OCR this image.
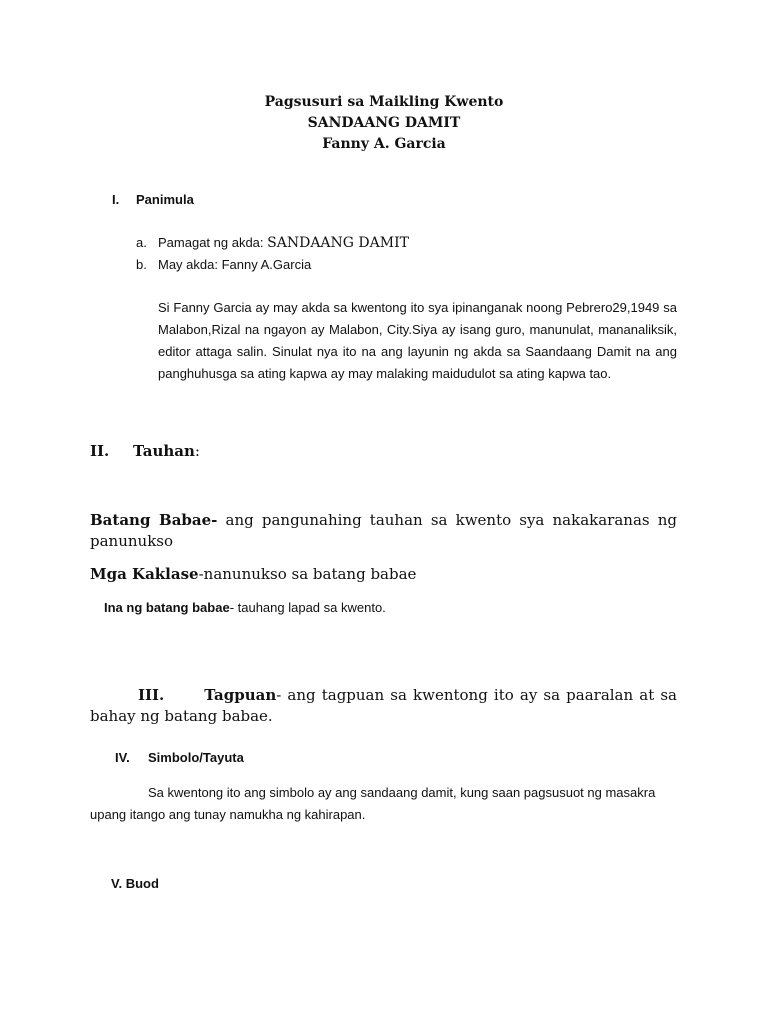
Pagsusuri sa Maikling Kwento
SANDAANG DAMIT
Fanny A. Garcia
I. Panimula
a. Pamagat ng akda: SANDAANG DAMIT
b. May akda: Fanny A.Garcia
Si Fanny Garcia ay may akda sa kwentong ito sya ipinanganak noong Pebrero29,1949 sa Malabon,Rizal na ngayon ay Malabon, City.Siya ay isang guro, manunulat, mananaliksik, editor attaga salin. Sinulat nya ito na ang layunin ng akda sa Saandaang Damit na ang panghuhusga sa ating kapwa ay may malaking maidudulot sa ating kapwa tao.
II. Tauhan:
Batang Babae- ang pangunahing tauhan sa kwento sya nakakaranas ng panunukso
Mga Kaklase-nanunukso sa batang babae
Ina ng batang babae- tauhang lapad sa kwento.
III.	Tagpuan- ang tagpuan sa kwentong ito ay sa paaralan at sa bahay ng batang babae.
IV. Simbolo/Tayuta
Sa kwentong ito ang simbolo ay ang sandaang damit, kung saan pagsusuot ng masakra upang itango ang tunay namukha ng kahirapan.
V. Buod
